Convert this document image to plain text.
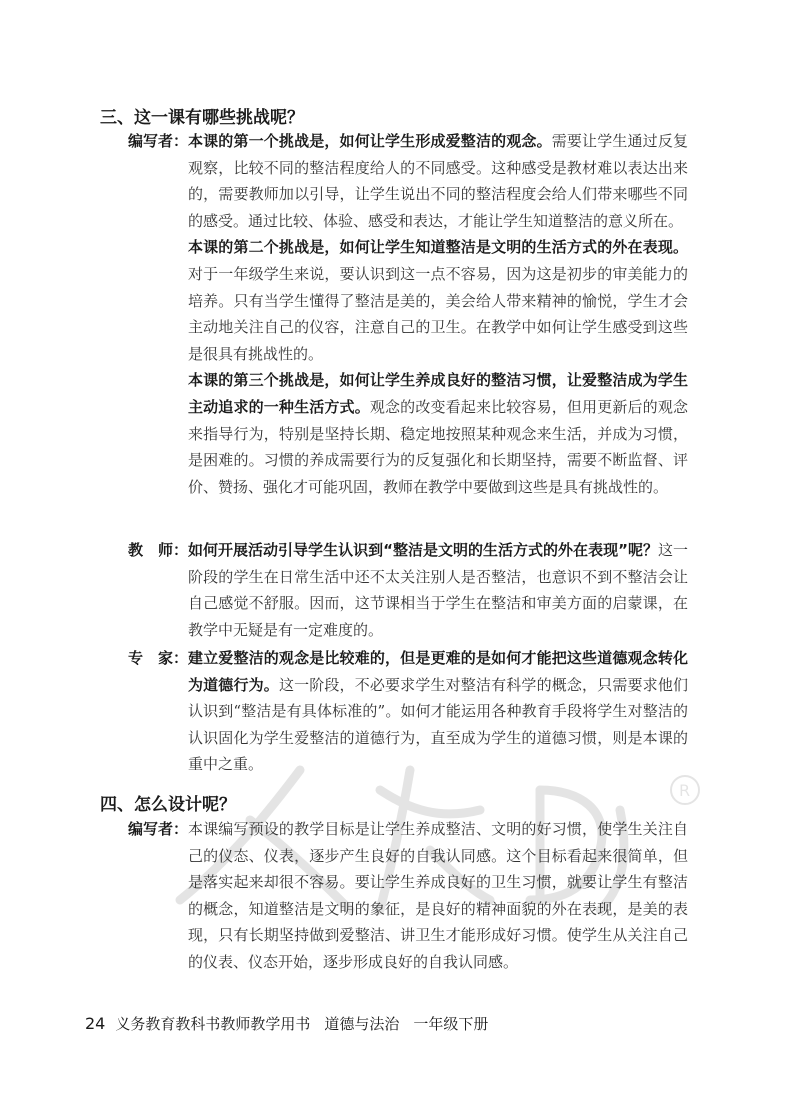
R
三、这一课有哪些挑战呢？
编写者： 本课的第一个挑战是，如何让学生形成爱整洁的观念。需要让学生通过反复观察，比较不同的整洁程度给人的不同感受。这种感受是教材难以表达出来的，需要教师加以引导，让学生说出不同的整洁程度会给人们带来哪些不同的感受。通过比较、体验、感受和表达，才能让学生知道整洁的意义所在。

本课的第二个挑战是，如何让学生知道整洁是文明的生活方式的外在表现。对于一年级学生来说，要认识到这一点不容易，因为这是初步的审美能力的培养。只有当学生懂得了整洁是美的，美会给人带来精神的愉悦，学生才会主动地关注自己的仪容，注意自己的卫生。在教学中如何让学生感受到这些是很具有挑战性的。

本课的第三个挑战是，如何让学生养成良好的整洁习惯，让爱整洁成为学生主动追求的一种生活方式。观念的改变看起来比较容易，但用更新后的观念来指导行为，特别是坚持长期、稳定地按照某种观念来生活，并成为习惯，是困难的。习惯的养成需要行为的反复强化和长期坚持，需要不断监督、评价、赞扬、强化才可能巩固，教师在教学中要做到这些是具有挑战性的。

教　师： 如何开展活动引导学生认识到“整洁是文明的生活方式的外在表现”呢？这一阶段的学生在日常生活中还不太关注别人是否整洁，也意识不到不整洁会让自己感觉不舒服。因而，这节课相当于学生在整洁和审美方面的启蒙课，在教学中无疑是有一定难度的。

专　家： 建立爱整洁的观念是比较难的，但是更难的是如何才能把这些道德观念转化为道德行为。这一阶段，不必要求学生对整洁有科学的概念，只需要求他们认识到“整洁是有具体标准的”。如何才能运用各种教育手段将学生对整洁的认识固化为学生爱整洁的道德行为，直至成为学生的道德习惯，则是本课的重中之重。

四、怎么设计呢？
编写者： 本课编写预设的教学目标是让学生养成整洁、文明的好习惯，使学生关注自己的仪态、仪表，逐步产生良好的自我认同感。这个目标看起来很简单，但是落实起来却很不容易。要让学生养成良好的卫生习惯，就要让学生有整洁的概念，知道整洁是文明的象征，是良好的精神面貌的外在表现，是美的表现，只有长期坚持做到爱整洁、讲卫生才能形成好习惯。使学生从关注自己的仪表、仪态开始，逐步形成良好的自我认同感。

24 义务教育教科书教师教学用书 道德与法治 一年级下册
